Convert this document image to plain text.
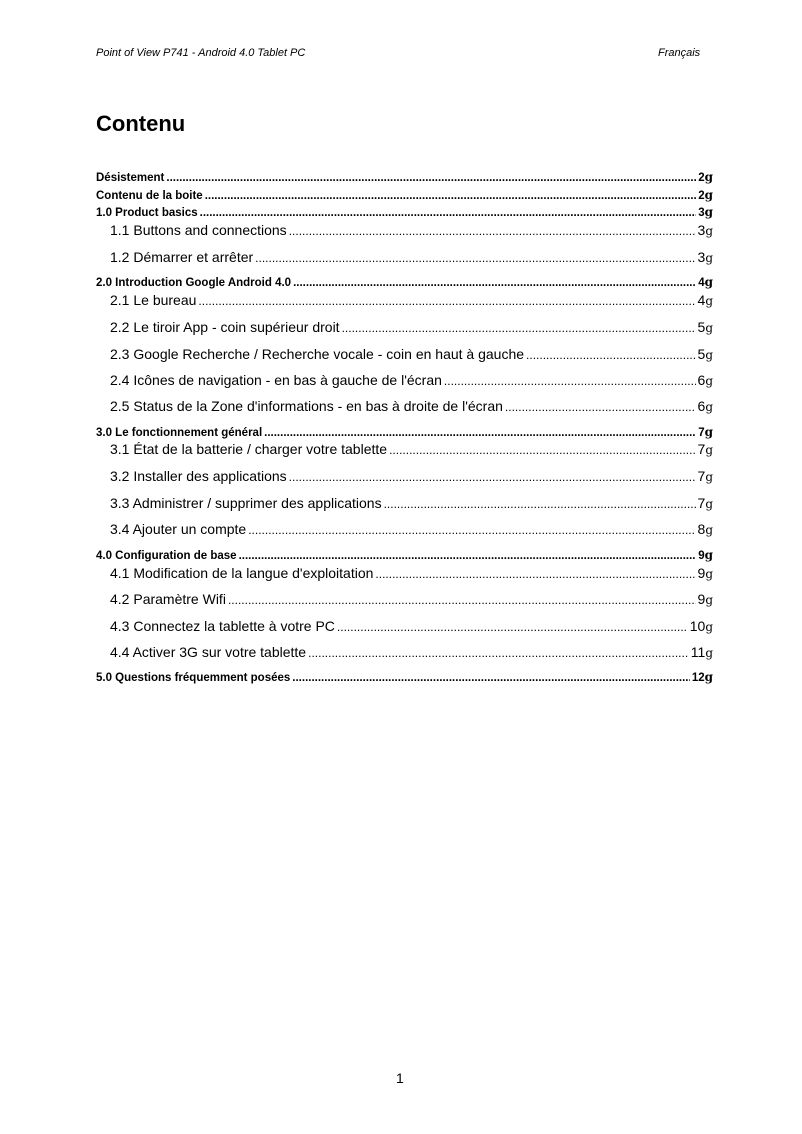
Point of View P741 - Android 4.0 Tablet PC	Français
Contenu
Désistement .....	2g
Contenu de la boite .....	2g
1.0 Product basics .....	3g
1.1 Buttons and connections .....	3g
1.2 Démarrer et arrêter .....	3g
2.0 Introduction Google Android 4.0 .....	4g
2.1 Le bureau .....	4g
2.2 Le tiroir App - coin supérieur droit .....	5g
2.3 Google Recherche / Recherche vocale - coin en haut à gauche .....	5g
2.4 Icônes de navigation - en bas à gauche de l'écran .....	6g
2.5 Status de la Zone d'informations - en bas à droite de l'écran .....	6g
3.0 Le fonctionnement général .....	7g
3.1 État de la batterie / charger votre tablette .....	7g
3.2 Installer des applications .....	7g
3.3 Administrer / supprimer des applications .....	7g
3.4 Ajouter un compte .....	8g
4.0 Configuration de base .....	9g
4.1 Modification de la langue d'exploitation .....	9g
4.2 Paramètre Wifi .....	9g
4.3 Connectez la tablette à votre PC .....	10g
4.4 Activer 3G sur votre tablette .....	11g
5.0 Questions fréquemment posées .....	12g
1
